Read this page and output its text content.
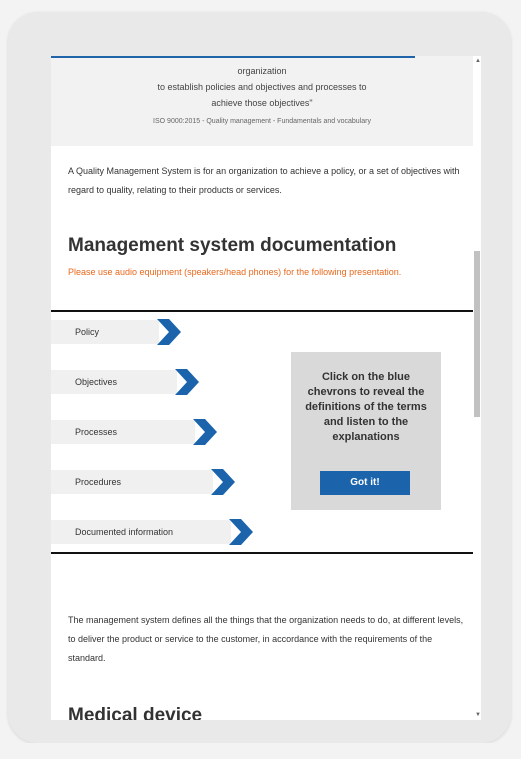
organization
to establish policies and objectives and processes to
achieve those objectives"
ISO 9000:2015 - Quality management - Fundamentals and vocabulary
A Quality Management System is for an organization to achieve a policy, or a set of objectives with regard to quality, relating to their products or services.
Management system documentation
Please use audio equipment (speakers/head phones) for the following presentation.
Policy
Objectives
Processes
Procedures
Documented information
Click on the blue chevrons to reveal the definitions of the terms and listen to the explanations
Got it!
The management system defines all the things that the organization needs to do, at different levels, to deliver the product or service to the customer, in accordance with the requirements of the standard.
Medical device
▲
▼
